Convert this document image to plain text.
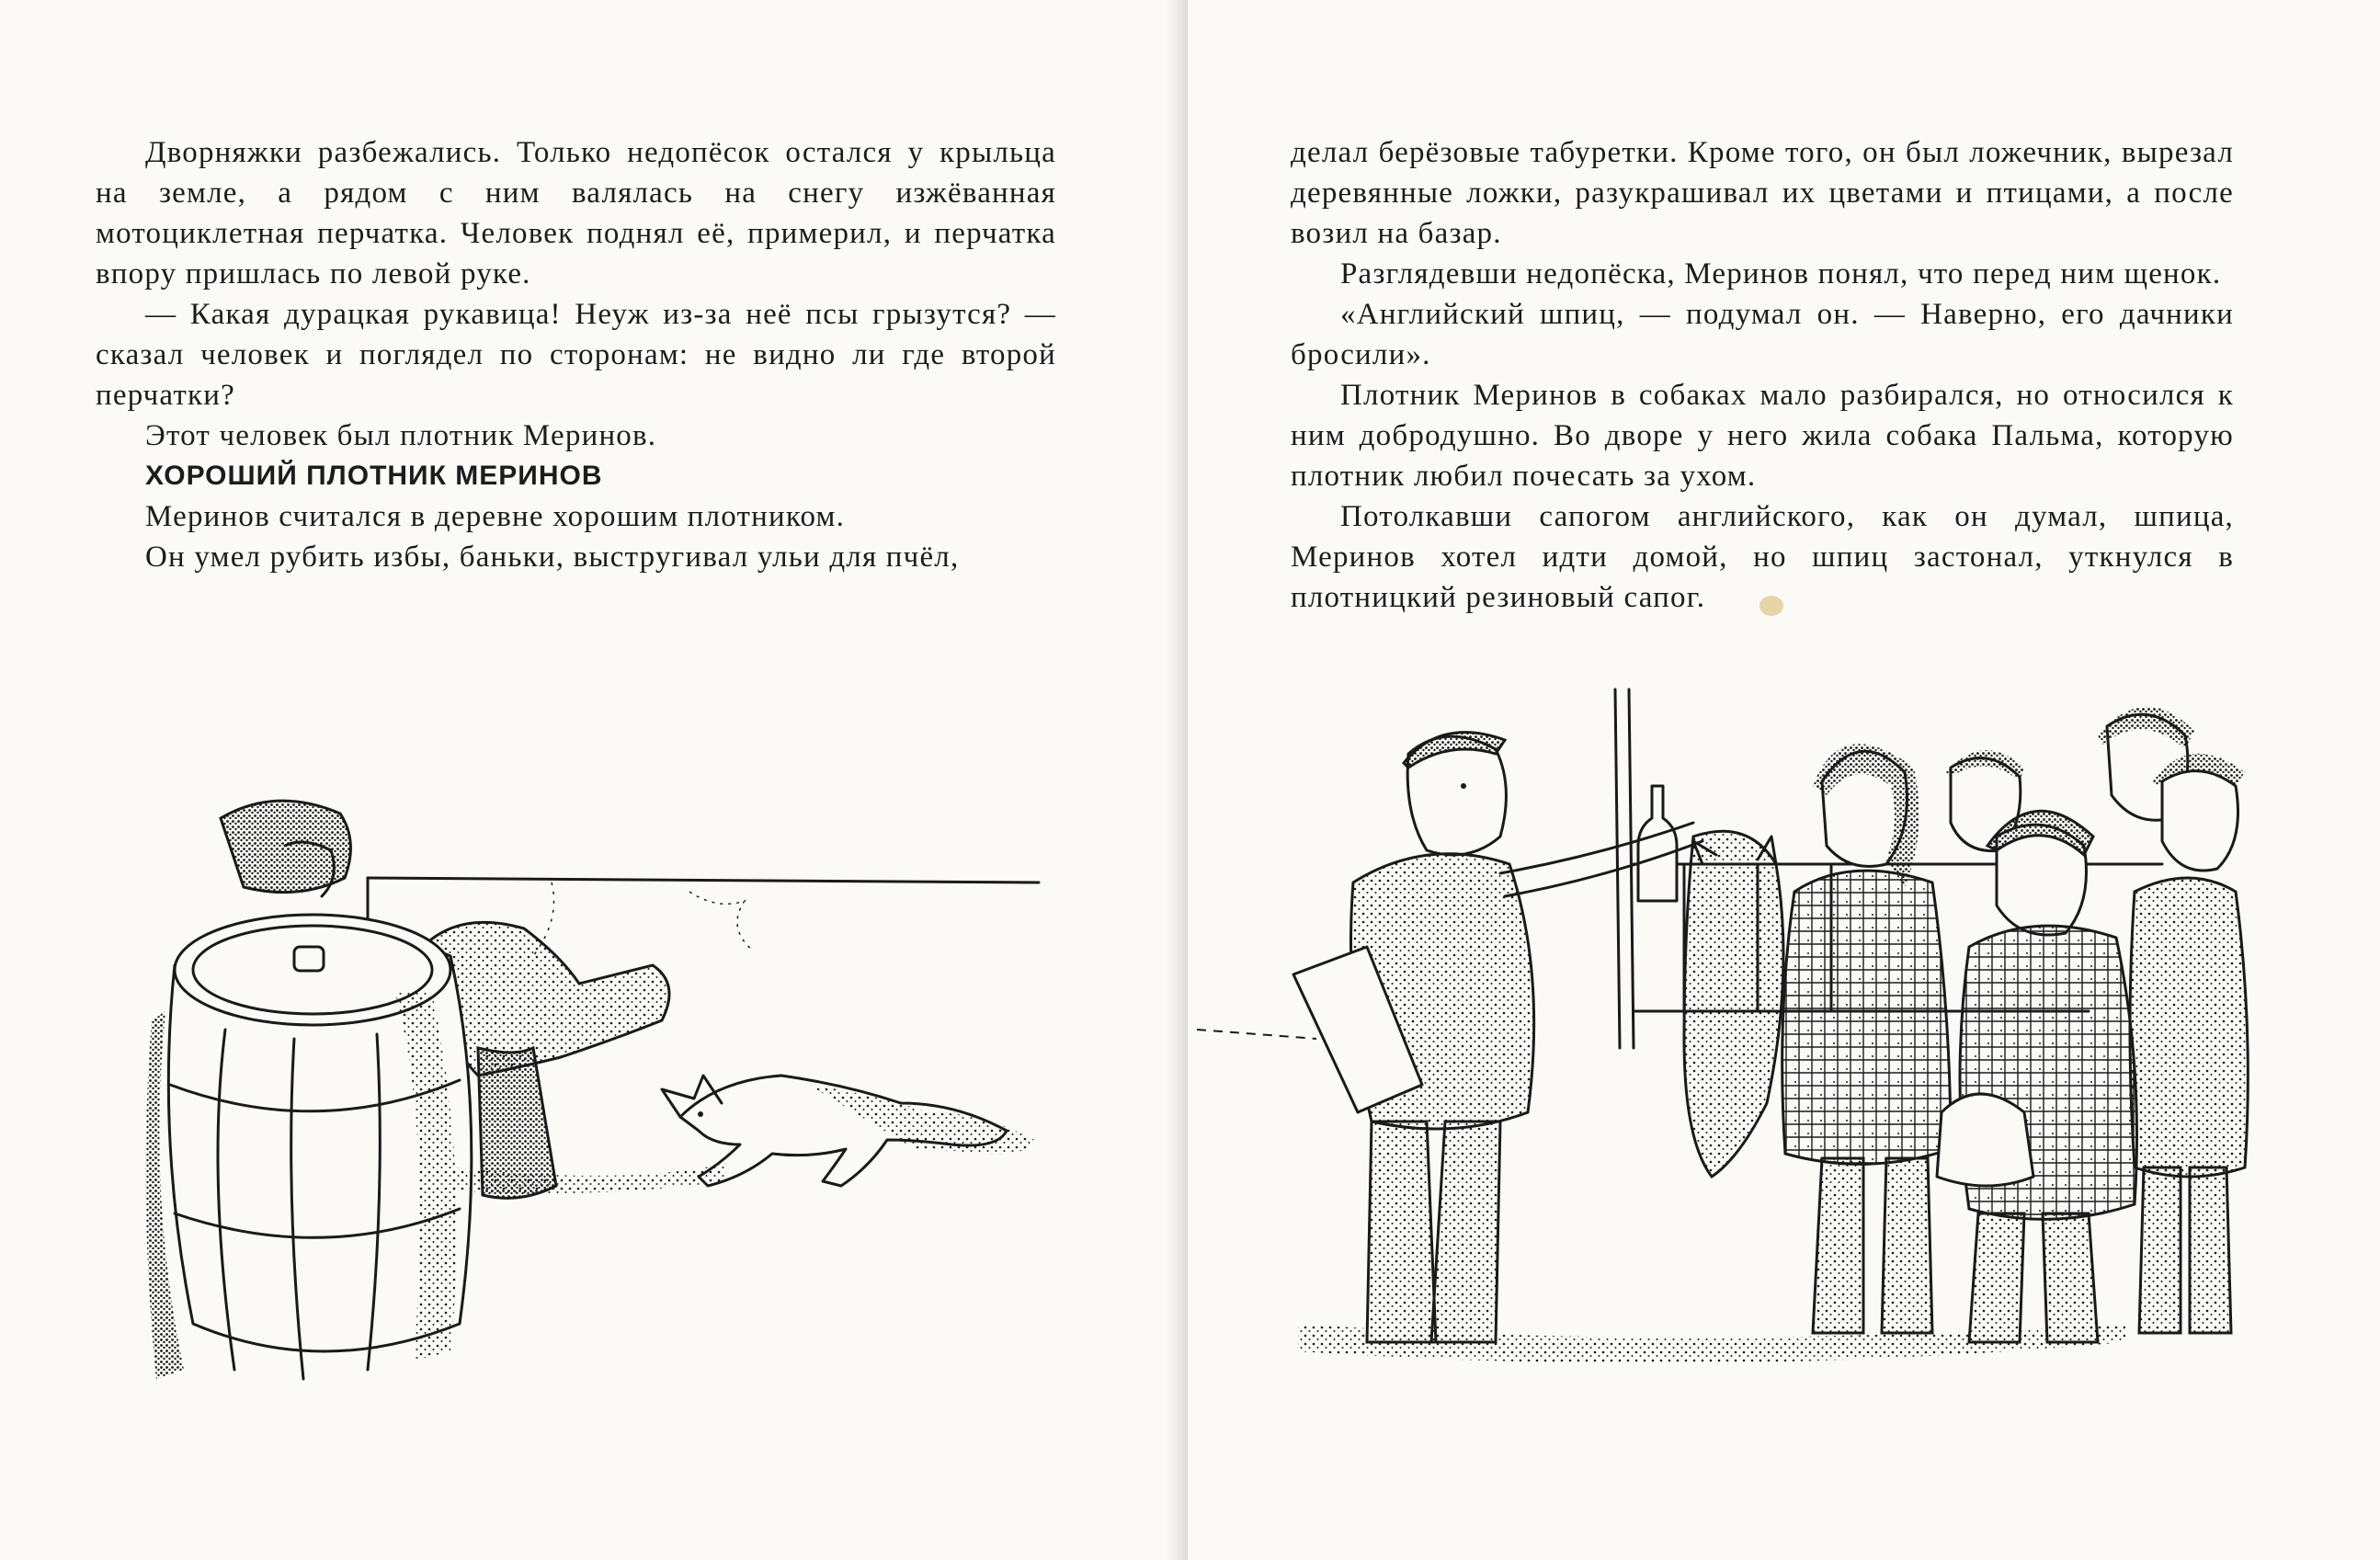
Дворняжки разбежались. Только недопёсок остался у крыльца на земле, а рядом с ним валялась на снегу изжёванная мотоциклетная перчатка. Человек поднял её, примерил, и перчатка впору пришлась по левой руке.

— Какая дурацкая рукавица! Неуж из-за неё псы грызутся? — сказал человек и поглядел по сторонам: не видно ли где второй перчатки?

Этот человек был плотник Меринов.

ХОРОШИЙ ПЛОТНИК МЕРИНОВ

Меринов считался в деревне хорошим плотником.

Он умел рубить избы, баньки, выстругивал ульи для пчёл,

делал берёзовые табуретки. Кроме того, он был ложечник, вырезал деревянные ложки, разукрашивал их цветами и птицами, а после возил на базар.

Разглядевши недопёска, Меринов понял, что перед ним щенок.

«Английский шпиц, — подумал он. — Наверно, его дачники бросили».

Плотник Меринов в собаках мало разбирался, но относился к ним добродушно. Во дворе у него жила собака Пальма, которую плотник любил почесать за ухом.

Потолкавши сапогом английского, как он думал, шпица, Меринов хотел идти домой, но шпиц застонал, уткнулся в плотницкий резиновый сапог.
